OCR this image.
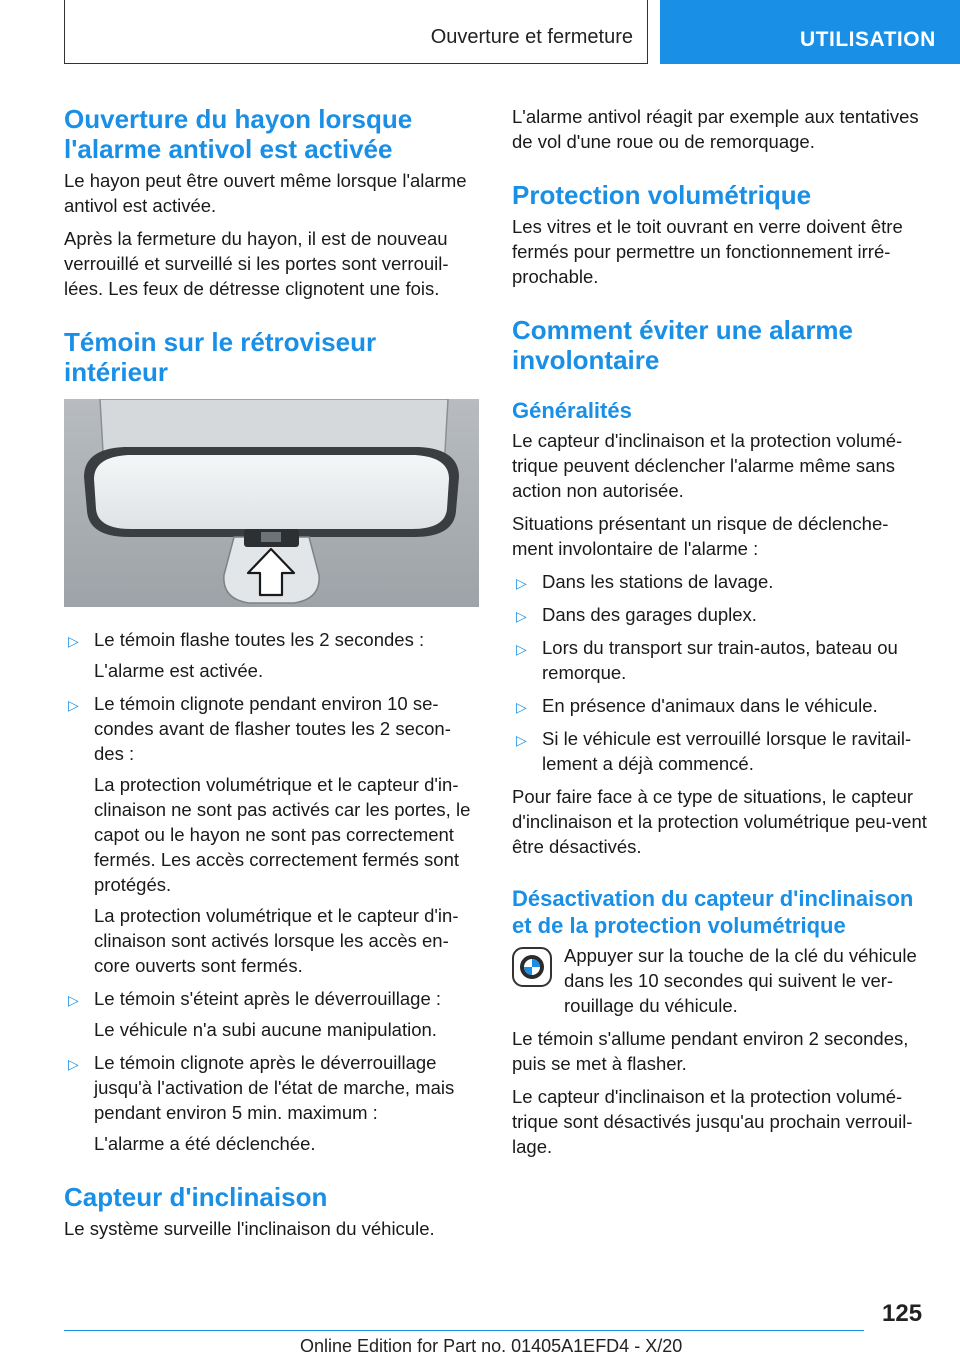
Ouverture et fermeture	UTILISATION
Ouverture du hayon lorsque l'alarme antivol est activée

Le hayon peut être ouvert même lorsque l'alarme antivol est activée.

Après la fermeture du hayon, il est de nouveau verrouillé et surveillé si les portes sont verrouil-lées. Les feux de détresse clignotent une fois.

Témoin sur le rétroviseur intérieur
▷ Le témoin flashe toutes les 2 secondes :
L'alarme est activée.
▷ Le témoin clignote pendant environ 10 se-condes avant de flasher toutes les 2 secon-des :
La protection volumétrique et le capteur d'in-clinaison ne sont pas activés car les portes, le capot ou le hayon ne sont pas correctement fermés. Les accès correctement fermés sont protégés.
La protection volumétrique et le capteur d'in-clinaison sont activés lorsque les accès en-core ouverts sont fermés.
▷ Le témoin s'éteint après le déverrouillage :
Le véhicule n'a subi aucune manipulation.
▷ Le témoin clignote après le déverrouillage jusqu'à l'activation de l'état de marche, mais pendant environ 5 min. maximum :
L'alarme a été déclenchée.
Capteur d'inclinaison

Le système surveille l'inclinaison du véhicule.

L'alarme antivol réagit par exemple aux tentatives de vol d'une roue ou de remorquage.

Protection volumétrique

Les vitres et le toit ouvrant en verre doivent être fermés pour permettre un fonctionnement irré-prochable.

Comment éviter une alarme involontaire
Généralités

Le capteur d'inclinaison et la protection volumé-trique peuvent déclencher l'alarme même sans action non autorisée.

Situations présentant un risque de déclenche-ment involontaire de l'alarme :

▷ Dans les stations de lavage.
▷ Dans des garages duplex.
▷ Lors du transport sur train-autos, bateau ou remorque.
▷ En présence d'animaux dans le véhicule.
▷ Si le véhicule est verrouillé lorsque le ravitail-lement a déjà commencé.

Pour faire face à ce type de situations, le capteur d'inclinaison et la protection volumétrique peu-vent être désactivés.

Désactivation du capteur d'inclinaison et de la protection volumétrique

Appuyer sur la touche de la clé du véhicule dans les 10 secondes qui suivent le ver-rouillage du véhicule.

Le témoin s'allume pendant environ 2 secondes, puis se met à flasher.

Le capteur d'inclinaison et la protection volumé-trique sont désactivés jusqu'au prochain verrouil-lage.

125
Online Edition for Part no. 01405A1EFD4 - X/20
